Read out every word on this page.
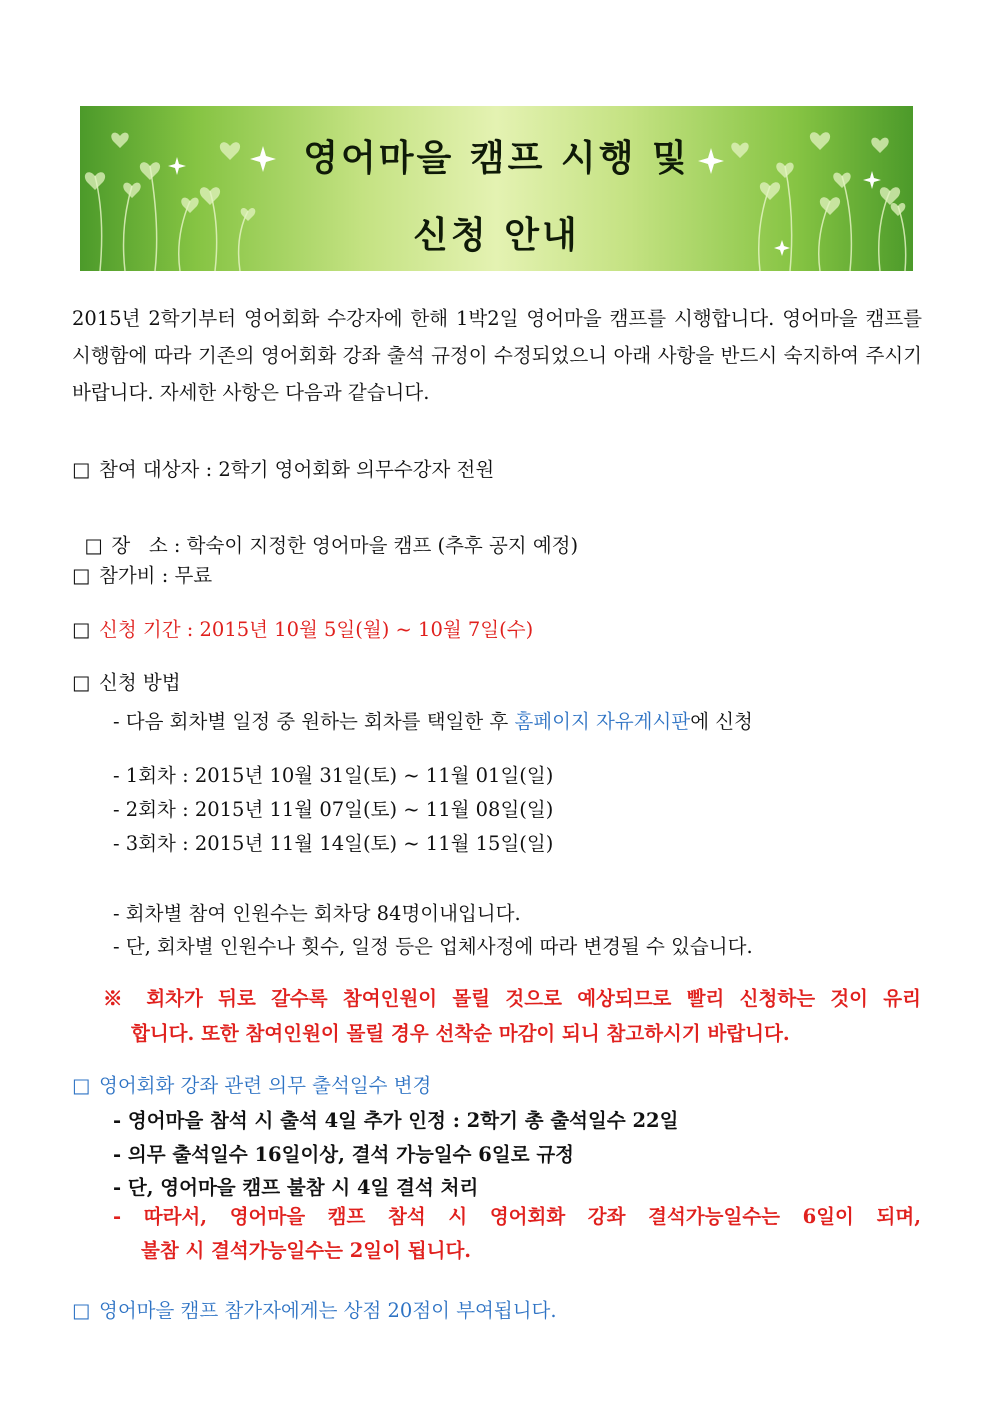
영어마을 캠프 시행 및
신청 안내
2015년 2학기부터 영어회화 수강자에 한해 1박2일 영어마을 캠프를 시행합니다. 영어마을 캠프를 시행함에 따라 기존의 영어회화 강좌 출석 규정이 수정되었으니 아래 사항을 반드시 숙지하여 주시기 바랍니다. 자세한 사항은 다음과 같습니다.
□ 참여 대상자 : 2학기 영어회화 의무수강자 전원

□ 장   소 : 학숙이 지정한 영어마을 캠프 (추후 공지 예정)

□ 참가비 : 무료
□ 신청 기간 : 2015년 10월 5일(월) ~ 10월 7일(수)
□ 신청 방법
- 다음 회차별 일정 중 원하는 회차를 택일한 후 홈페이지 자유게시판에 신청
- 1회차 : 2015년 10월 31일(토) ~ 11월 01일(일)
- 2회차 : 2015년 11월 07일(토) ~ 11월 08일(일)
- 3회차 : 2015년 11월 14일(토) ~ 11월 15일(일)
- 회차별 참여 인원수는 회차당 84명이내입니다.
- 단, 회차별 인원수나 횟수, 일정 등은 업체사정에 따라 변경될 수 있습니다.
※ 회차가 뒤로 갈수록 참여인원이 몰릴 것으로 예상되므로 빨리 신청하는 것이 유리
합니다. 또한 참여인원이 몰릴 경우 선착순 마감이 되니 참고하시기 바랍니다.
□ 영어회화 강좌 관련 의무 출석일수 변경
- 영어마을 참석 시 출석 4일 추가 인정 : 2학기 총 출석일수 22일
- 의무 출석일수 16일이상, 결석 가능일수 6일로 규정
- 단, 영어마을 캠프 불참 시 4일 결석 처리
- 따라서, 영어마을 캠프 참석 시 영어회화 강좌 결석가능일수는 6일이 되며,
불참 시 결석가능일수는 2일이 됩니다.
□ 영어마을 캠프 참가자에게는 상점 20점이 부여됩니다.
